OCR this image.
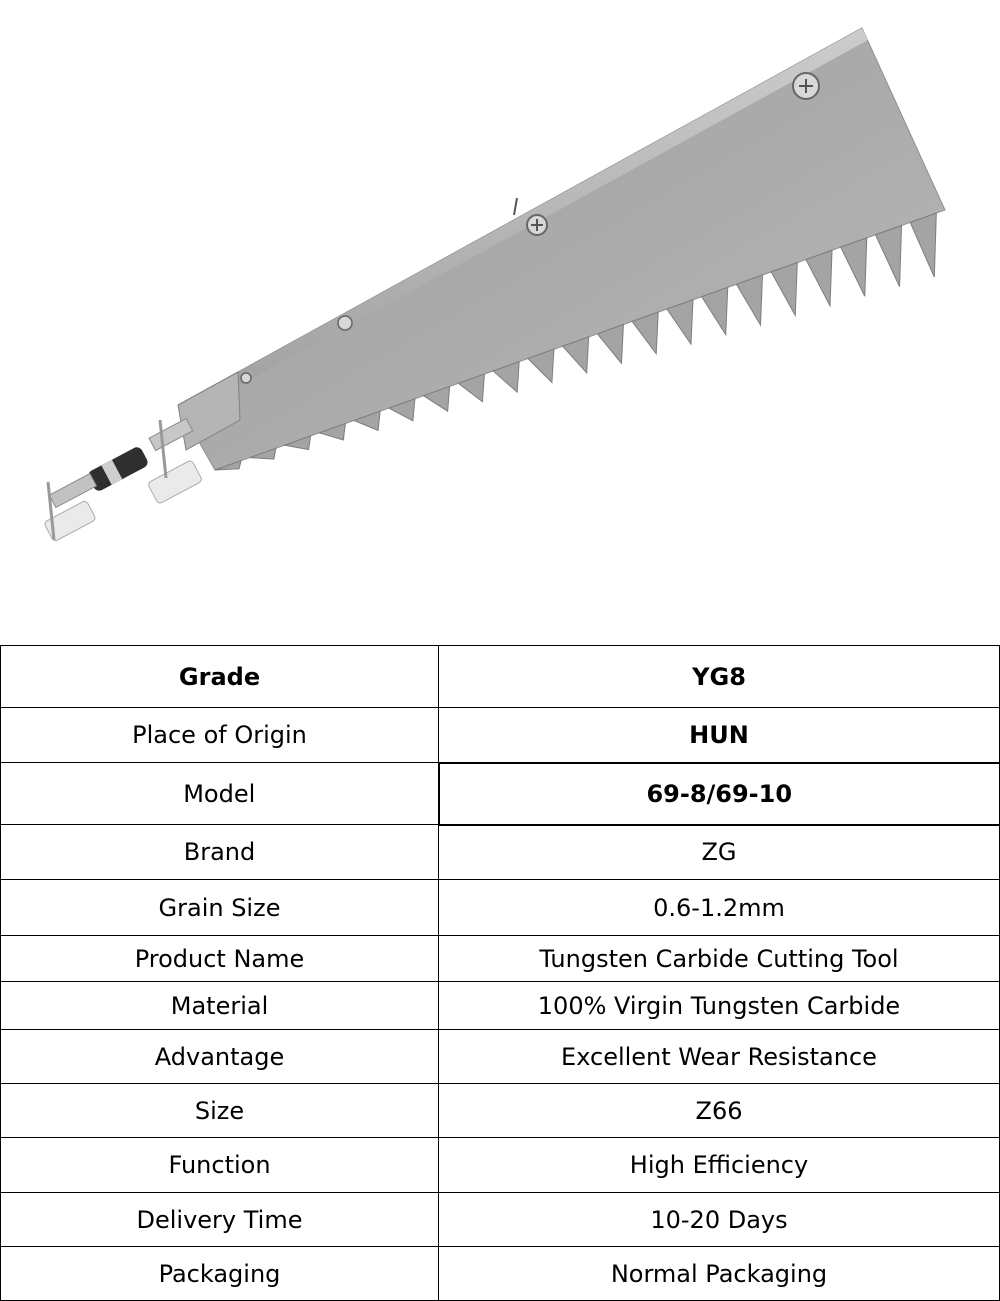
Grade	YG8
Place of Origin	HUN
Model	69-8/69-10
Brand	ZG
Grain Size	0.6-1.2mm
Product Name	Tungsten Carbide Cutting Tool
Material	100% Virgin Tungsten Carbide
Advantage	Excellent Wear Resistance
Size	Z66
Function	High Efficiency
Delivery Time	10-20 Days
Packaging	Normal Packaging
